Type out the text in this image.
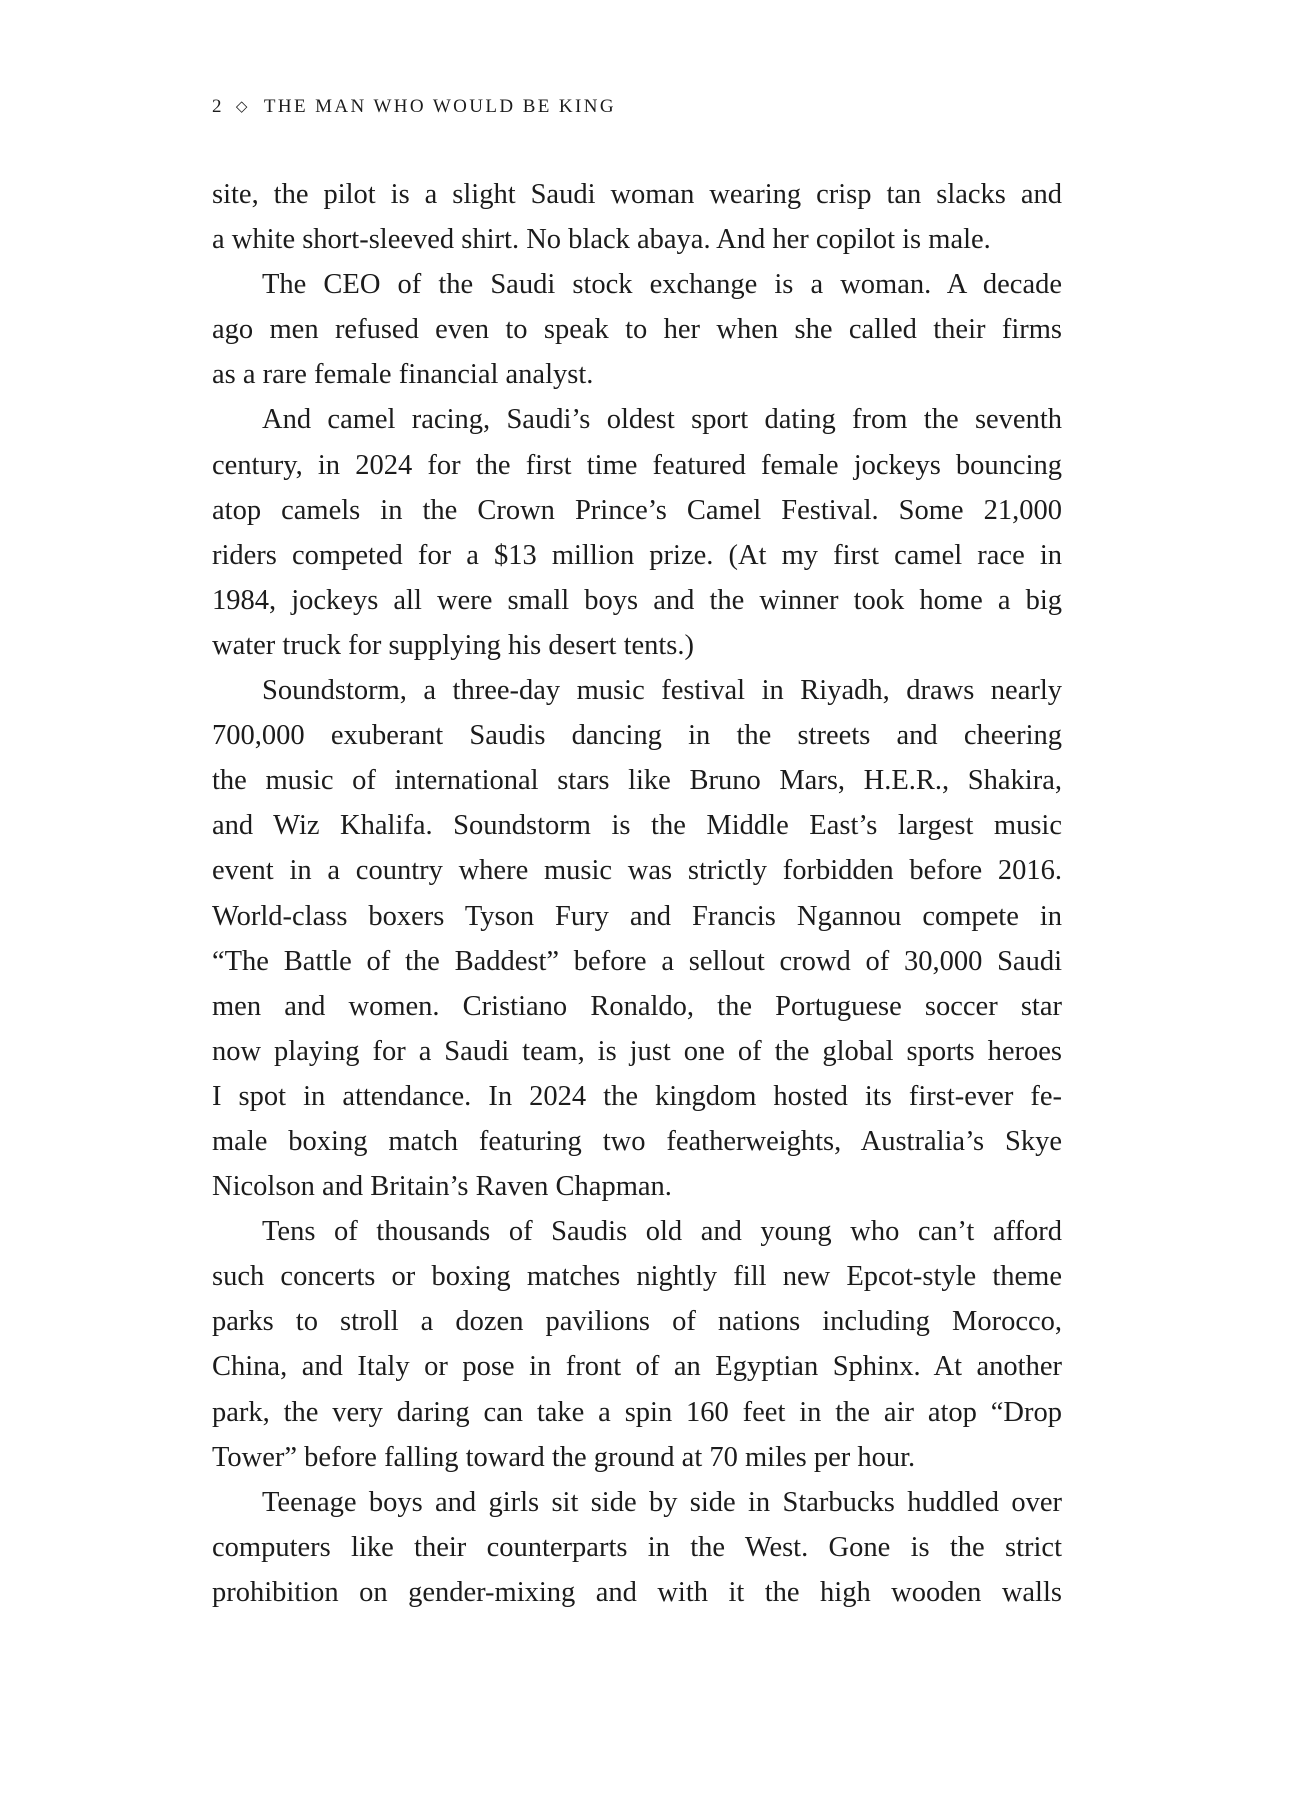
2 ◇ THE MAN WHO WOULD BE KING
site, the pilot is a slight Saudi woman wearing crisp tan slacks and
a white short-sleeved shirt. No black abaya. And her copilot is male.
The CEO of the Saudi stock exchange is a woman. A decade
ago men refused even to speak to her when she called their firms
as a rare female financial analyst.
And camel racing, Saudi’s oldest sport dating from the seventh
century, in 2024 for the first time featured female jockeys bouncing
atop camels in the Crown Prince’s Camel Festival. Some 21,000
riders competed for a $13 million prize. (At my first camel race in
1984, jockeys all were small boys and the winner took home a big
water truck for supplying his desert tents.)
Soundstorm, a three-day music festival in Riyadh, draws nearly
700,000 exuberant Saudis dancing in the streets and cheering
the music of international stars like Bruno Mars, H.E.R., Shakira,
and Wiz Khalifa. Soundstorm is the Middle East’s largest music
event in a country where music was strictly forbidden before 2016.
World-class boxers Tyson Fury and Francis Ngannou compete in
“The Battle of the Baddest” before a sellout crowd of 30,000 Saudi
men and women. Cristiano Ronaldo, the Portuguese soccer star
now playing for a Saudi team, is just one of the global sports heroes
I spot in attendance. In 2024 the kingdom hosted its first-ever fe-
male boxing match featuring two featherweights, Australia’s Skye
Nicolson and Britain’s Raven Chapman.
Tens of thousands of Saudis old and young who can’t afford
such concerts or boxing matches nightly fill new Epcot-style theme
parks to stroll a dozen pavilions of nations including Morocco,
China, and Italy or pose in front of an Egyptian Sphinx. At another
park, the very daring can take a spin 160 feet in the air atop “Drop
Tower” before falling toward the ground at 70 miles per hour.
Teenage boys and girls sit side by side in Starbucks huddled over
computers like their counterparts in the West. Gone is the strict
prohibition on gender-mixing and with it the high wooden walls
